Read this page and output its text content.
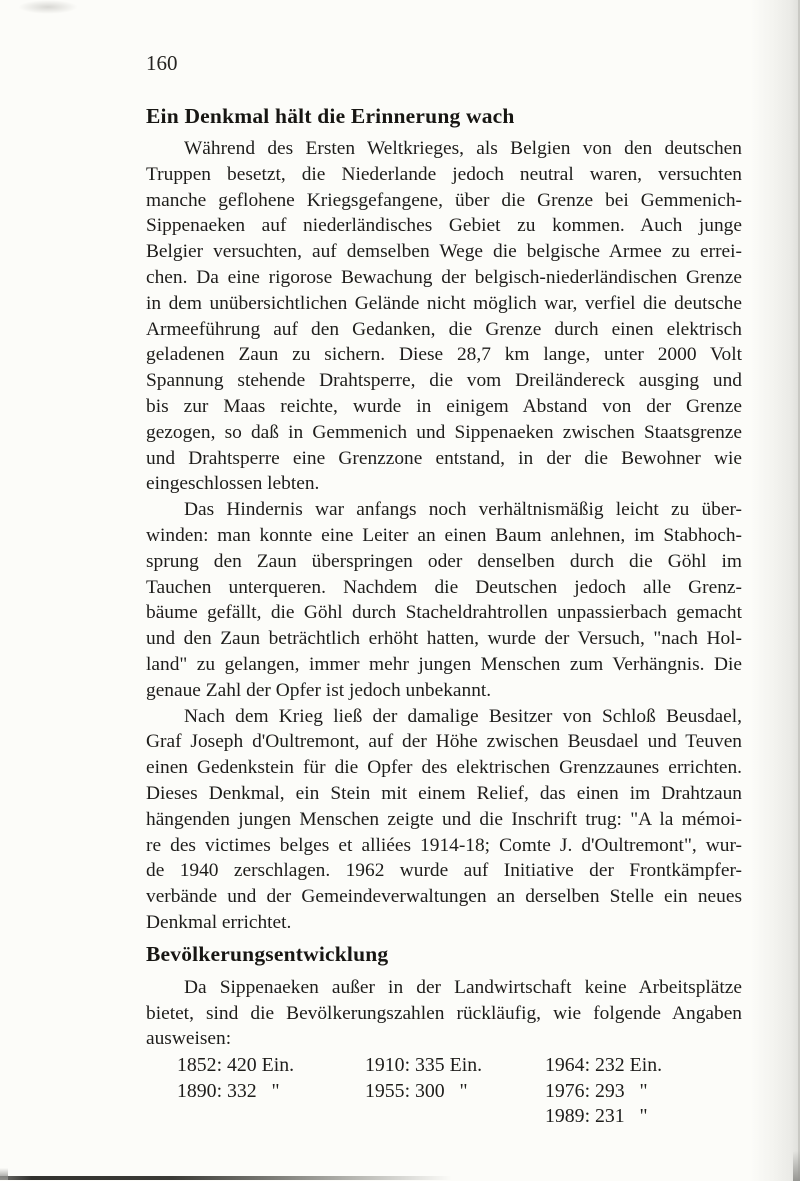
160
Ein Denkmal hält die Erinnerung wach
Während des Ersten Weltkrieges, als Belgien von den deutschen
Truppen besetzt, die Niederlande jedoch neutral waren, versuchten
manche geflohene Kriegsgefangene, über die Grenze bei Gemmenich-
Sippenaeken auf niederländisches Gebiet zu kommen. Auch junge
Belgier versuchten, auf demselben Wege die belgische Armee zu errei-
chen. Da eine rigorose Bewachung der belgisch-niederländischen Grenze
in dem unübersichtlichen Gelände nicht möglich war, verfiel die deutsche
Armeeführung auf den Gedanken, die Grenze durch einen elektrisch
geladenen Zaun zu sichern. Diese 28,7 km lange, unter 2000 Volt
Spannung stehende Drahtsperre, die vom Dreiländereck ausging und
bis zur Maas reichte, wurde in einigem Abstand von der Grenze
gezogen, so daß in Gemmenich und Sippenaeken zwischen Staatsgrenze
und Drahtsperre eine Grenzzone entstand, in der die Bewohner wie
eingeschlossen lebten.
Das Hindernis war anfangs noch verhältnismäßig leicht zu über-
winden: man konnte eine Leiter an einen Baum anlehnen, im Stabhoch-
sprung den Zaun überspringen oder denselben durch die Göhl im
Tauchen unterqueren. Nachdem die Deutschen jedoch alle Grenz-
bäume gefällt, die Göhl durch Stacheldrahtrollen unpassierbach gemacht
und den Zaun beträchtlich erhöht hatten, wurde der Versuch, "nach Hol-
land" zu gelangen, immer mehr jungen Menschen zum Verhängnis. Die
genaue Zahl der Opfer ist jedoch unbekannt.
Nach dem Krieg ließ der damalige Besitzer von Schloß Beusdael,
Graf Joseph d'Oultremont, auf der Höhe zwischen Beusdael und Teuven
einen Gedenkstein für die Opfer des elektrischen Grenzzaunes errichten.
Dieses Denkmal, ein Stein mit einem Relief, das einen im Drahtzaun
hängenden jungen Menschen zeigte und die Inschrift trug: "A la mémoi-
re des victimes belges et alliées 1914-18; Comte J. d'Oultremont", wur-
de 1940 zerschlagen. 1962 wurde auf Initiative der Frontkämpfer-
verbände und der Gemeindeverwaltungen an derselben Stelle ein neues
Denkmal errichtet.
Bevölkerungsentwicklung
Da Sippenaeken außer in der Landwirtschaft keine Arbeitsplätze
bietet, sind die Bevölkerungszahlen rückläufig, wie folgende Angaben
ausweisen:
1852: 420 Ein.
1890: 332   "
1910: 335 Ein.
1955: 300   "
1964: 232 Ein.
1976: 293   "
1989: 231   "
